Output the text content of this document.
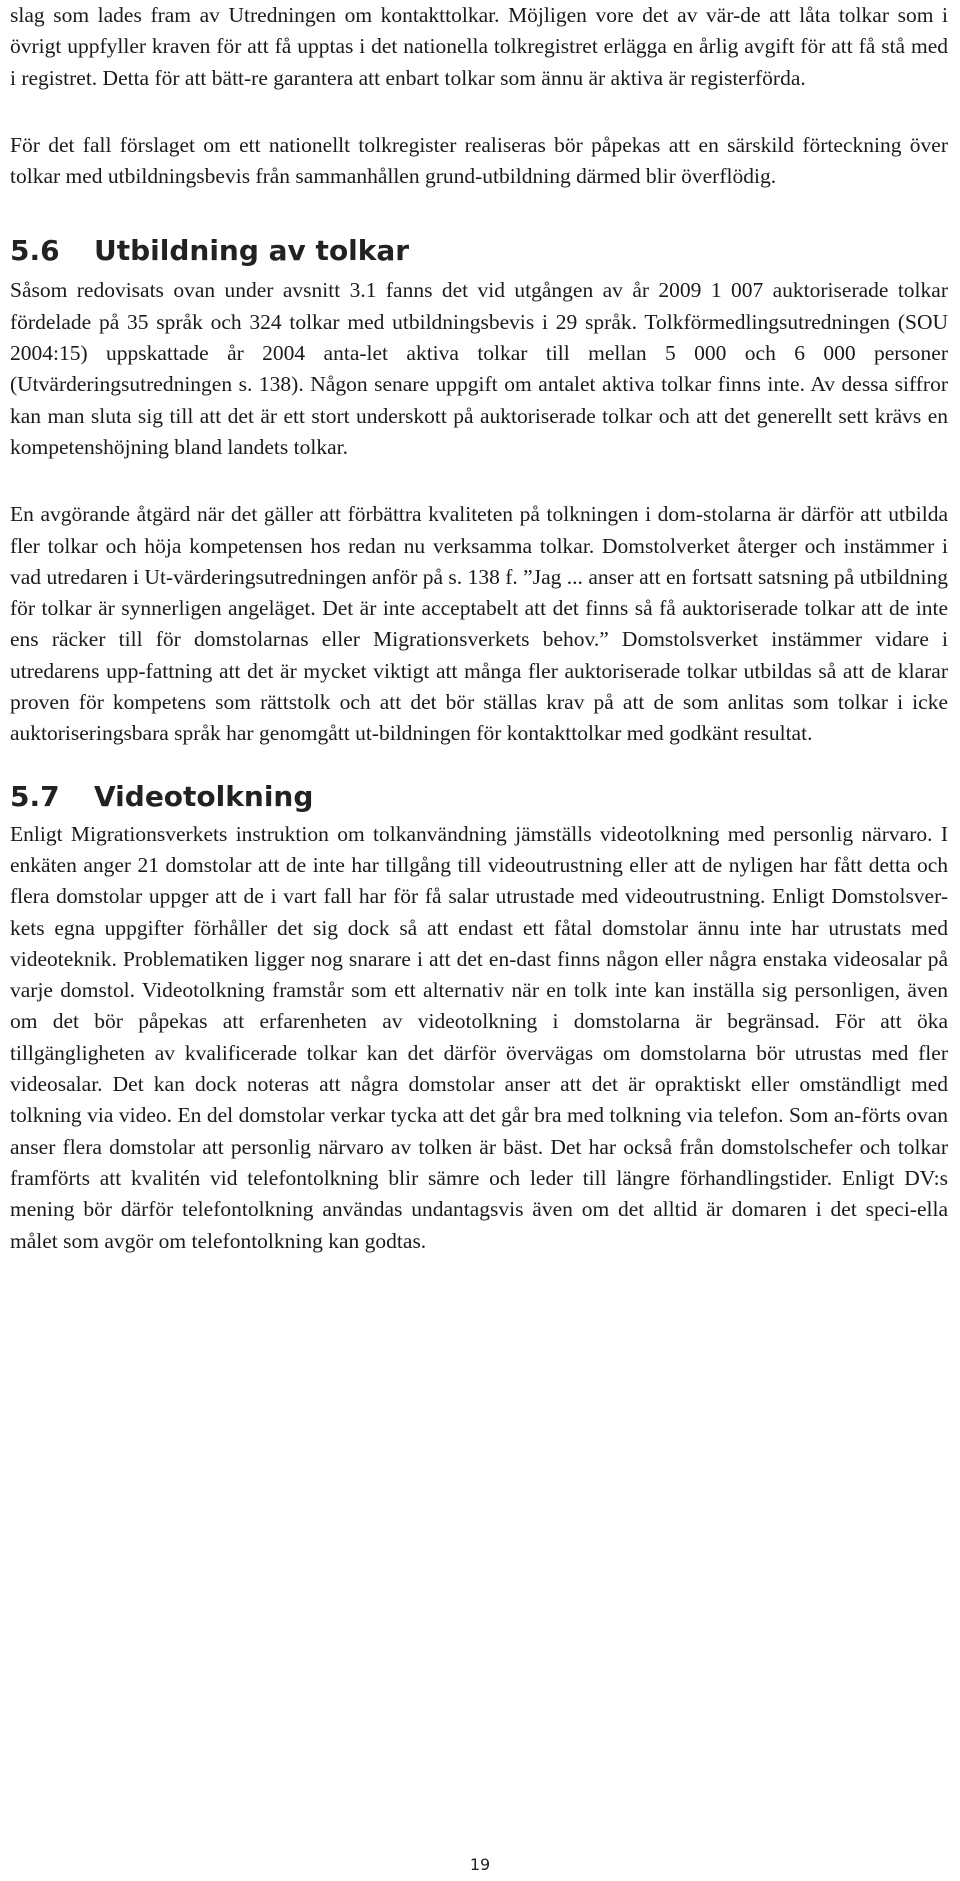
slag som lades fram av Utredningen om kontakttolkar. Möjligen vore det av vär-de att låta tolkar som i övrigt uppfyller kraven för att få upptas i det nationella tolkregistret erlägga en årlig avgift för att få stå med i registret. Detta för att bätt-re garantera att enbart tolkar som ännu är aktiva är registerförda.

För det fall förslaget om ett nationellt tolkregister realiseras bör påpekas att en särskild förteckning över tolkar med utbildningsbevis från sammanhållen grund-utbildning därmed blir överflödig.

5.6	Utbildning av tolkar

Såsom redovisats ovan under avsnitt 3.1 fanns det vid utgången av år 2009 1 007 auktoriserade tolkar fördelade på 35 språk och 324 tolkar med utbildningsbevis i 29 språk. Tolkförmedlingsutredningen (SOU 2004:15) uppskattade år 2004 anta-let aktiva tolkar till mellan 5 000 och 6 000 personer (Utvärderingsutredningen s. 138). Någon senare uppgift om antalet aktiva tolkar finns inte. Av dessa siffror kan man sluta sig till att det är ett stort underskott på auktoriserade tolkar och att det generellt sett krävs en kompetenshöjning bland landets tolkar.

En avgörande åtgärd när det gäller att förbättra kvaliteten på tolkningen i dom-stolarna är därför att utbilda fler tolkar och höja kompetensen hos redan nu verksamma tolkar. Domstolverket återger och instämmer i vad utredaren i Ut-värderingsutredningen anför på s. 138 f. ”Jag ... anser att en fortsatt satsning på utbildning för tolkar är synnerligen angeläget. Det är inte acceptabelt att det finns så få auktoriserade tolkar att de inte ens räcker till för domstolarnas eller Migrationsverkets behov.” Domstolsverket instämmer vidare i utredarens upp-fattning att det är mycket viktigt att många fler auktoriserade tolkar utbildas så att de klarar proven för kompetens som rättstolk och att det bör ställas krav på att de som anlitas som tolkar i icke auktoriseringsbara språk har genomgått ut-bildningen för kontakttolkar med godkänt resultat.

5.7	Videotolkning

Enligt Migrationsverkets instruktion om tolkanvändning jämställs videotolkning med personlig närvaro. I enkäten anger 21 domstolar att de inte har tillgång till videoutrustning eller att de nyligen har fått detta och flera domstolar uppger att de i vart fall har för få salar utrustade med videoutrustning. Enligt Domstolsver-kets egna uppgifter förhåller det sig dock så att endast ett fåtal domstolar ännu inte har utrustats med videoteknik. Problematiken ligger nog snarare i att det en-dast finns någon eller några enstaka videosalar på varje domstol. Videotolkning framstår som ett alternativ när en tolk inte kan inställa sig personligen, även om det bör påpekas att erfarenheten av videotolkning i domstolarna är begränsad. För att öka tillgängligheten av kvalificerade tolkar kan det därför övervägas om domstolarna bör utrustas med fler videosalar. Det kan dock noteras att några domstolar anser att det är opraktiskt eller omständligt med tolkning via video. En del domstolar verkar tycka att det går bra med tolkning via telefon. Som an-förts ovan anser flera domstolar att personlig närvaro av tolken är bäst. Det har också från domstolschefer och tolkar framförts att kvalitén vid telefontolkning blir sämre och leder till längre förhandlingstider. Enligt DV:s mening bör därför telefontolkning användas undantagsvis även om det alltid är domaren i det speci-ella målet som avgör om telefontolkning kan godtas.

19
